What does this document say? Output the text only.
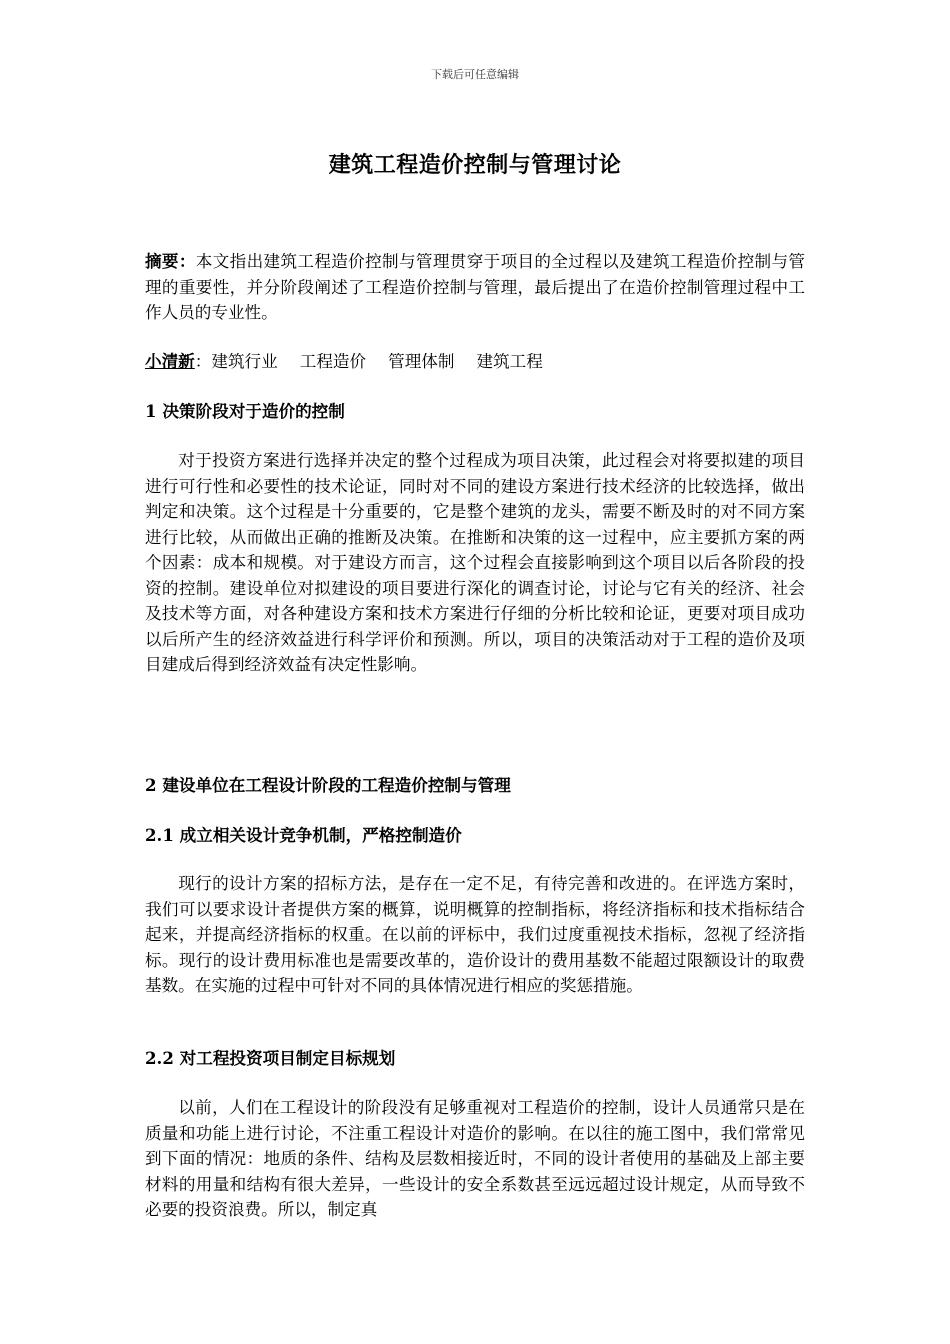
下载后可任意编辑
建筑工程造价控制与管理讨论
摘要：本文指出建筑工程造价控制与管理贯穿于项目的全过程以及建筑工程造价控制与管理的重要性，并分阶段阐述了工程造价控制与管理，最后提出了在造价控制管理过程中工作人员的专业性。
小清新：建筑行业 工程造价 管理体制 建筑工程
1 决策阶段对于造价的控制
对于投资方案进行选择并决定的整个过程成为项目决策，此过程会对将要拟建的项目进行可行性和必要性的技术论证，同时对不同的建设方案进行技术经济的比较选择，做出判定和决策。这个过程是十分重要的，它是整个建筑的龙头，需要不断及时的对不同方案进行比较，从而做出正确的推断及决策。在推断和决策的这一过程中，应主要抓方案的两个因素：成本和规模。对于建设方而言，这个过程会直接影响到这个项目以后各阶段的投资的控制。建设单位对拟建设的项目要进行深化的调查讨论，讨论与它有关的经济、社会及技术等方面，对各种建设方案和技术方案进行仔细的分析比较和论证，更要对项目成功以后所产生的经济效益进行科学评价和预测。所以，项目的决策活动对于工程的造价及项目建成后得到经济效益有决定性影响。
2 建设单位在工程设计阶段的工程造价控制与管理
2.1 成立相关设计竞争机制，严格控制造价
现行的设计方案的招标方法，是存在一定不足，有待完善和改进的。在评选方案时，我们可以要求设计者提供方案的概算，说明概算的控制指标，将经济指标和技术指标结合起来，并提高经济指标的权重。在以前的评标中，我们过度重视技术指标，忽视了经济指标。现行的设计费用标准也是需要改革的，造价设计的费用基数不能超过限额设计的取费基数。在实施的过程中可针对不同的具体情况进行相应的奖惩措施。
2.2 对工程投资项目制定目标规划
以前，人们在工程设计的阶段没有足够重视对工程造价的控制，设计人员通常只是在质量和功能上进行讨论，不注重工程设计对造价的影响。在以往的施工图中，我们常常见到下面的情况：地质的条件、结构及层数相接近时，不同的设计者使用的基础及上部主要材料的用量和结构有很大差异，一些设计的安全系数甚至远远超过设计规定，从而导致不必要的投资浪费。所以，制定真
